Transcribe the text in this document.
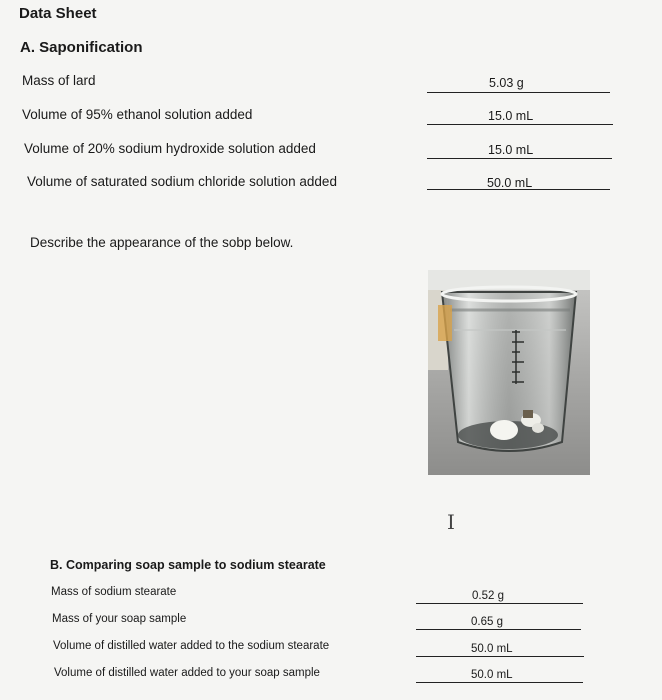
Data Sheet
A. Saponification
Mass of lard	5.03 g
Volume of 95% ethanol solution added	15.0 mL
Volume of 20% sodium hydroxide solution added	15.0 mL
Volume of saturated sodium chloride solution added	50.0 mL
Describe the appearance of the sobp below.
I
B. Comparing soap sample to sodium stearate
Mass of sodium stearate	0.52 g
Mass of your soap sample	0.65 g
Volume of distilled water added to the sodium stearate	50.0 mL
Volume of distilled water added to your soap sample	50.0 mL
